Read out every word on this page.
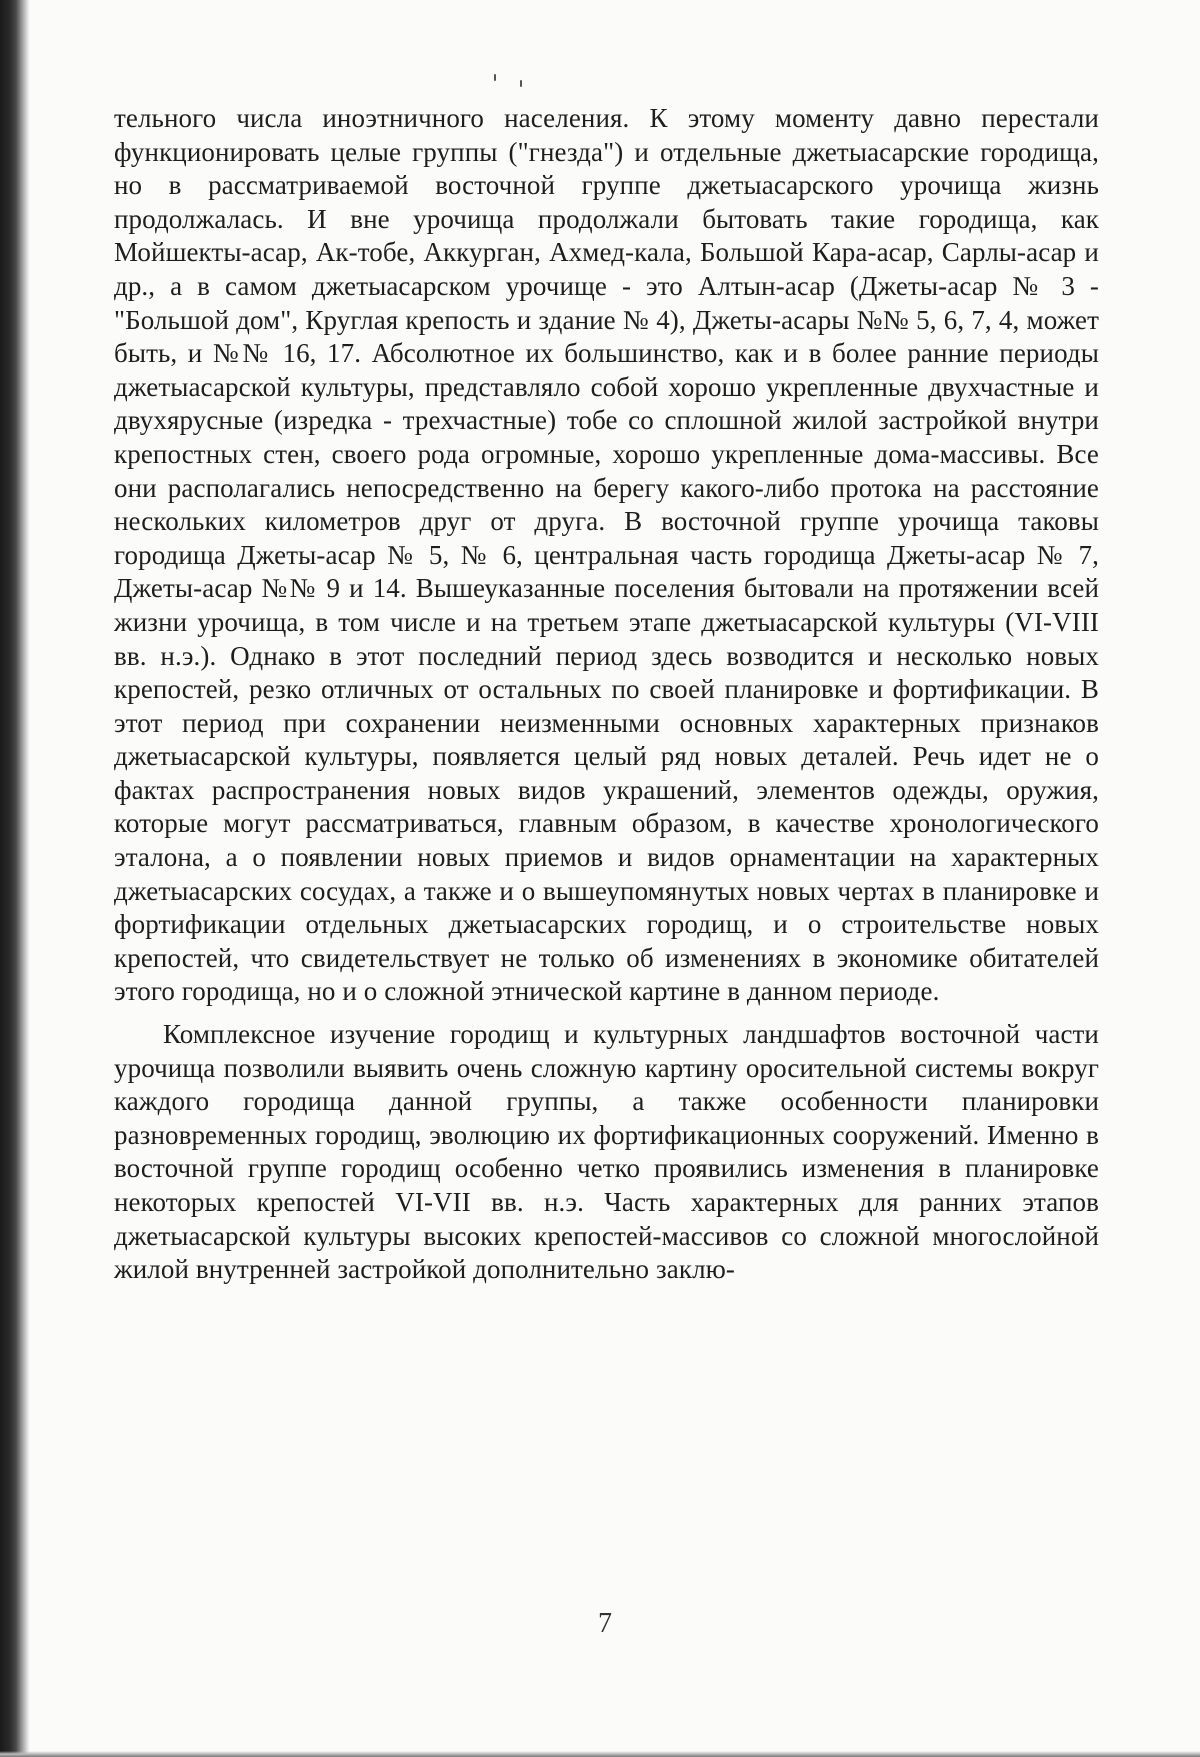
тельного числа иноэтничного населения. К этому моменту давно перестали функционировать целые группы ("гнезда") и отдельные джетыасарские городища, но в рассматриваемой восточной группе джетыасарского урочища жизнь продолжалась. И вне урочища продолжали бытовать такие городища, как Мойшекты-асар, Ак-тобе, Аккурган, Ахмед-кала, Большой Кара-асар, Сарлы-асар и др., а в самом джетыасарском урочище - это Алтын-асар (Джеты-асар № 3 - "Большой дом", Круглая крепость и здание № 4), Джеты-асары №№ 5, 6, 7, 4, может быть, и №№ 16, 17. Абсолютное их большинство, как и в более ранние периоды джетыасарской культуры, представляло собой хорошо укрепленные двухчастные и двухярусные (изредка - трехчастные) тобе со сплошной жилой застройкой внутри крепостных стен, своего рода огромные, хорошо укрепленные дома-массивы. Все они располагались непосредственно на берегу какого-либо протока на расстояние нескольких километров друг от друга. В восточной группе урочища таковы городища Джеты-асар № 5, № 6, центральная часть городища Джеты-асар № 7, Джеты-асар №№ 9 и 14. Вышеуказанные поселения бытовали на протяжении всей жизни урочища, в том числе и на третьем этапе джетыасарской культуры (VI-VIII вв. н.э.). Однако в этот последний период здесь возводится и несколько новых крепостей, резко отличных от остальных по своей планировке и фортификации. В этот период при сохранении неизменными основных характерных признаков джетыасарской культуры, появляется целый ряд новых деталей. Речь идет не о фактах распространения новых видов украшений, элементов одежды, оружия, которые могут рассматриваться, главным образом, в качестве хронологического эталона, а о появлении новых приемов и видов орнаментации на характерных джетыасарских сосудах, а также и о вышеупомянутых новых чертах в планировке и фортификации отдельных джетыасарских городищ, и о строительстве новых крепостей, что свидетельствует не только об изменениях в экономике обитателей этого городища, но и о сложной этнической картине в данном периоде.

Комплексное изучение городищ и культурных ландшафтов восточной части урочища позволили выявить очень сложную картину оросительной системы вокруг каждого городища данной группы, а также особенности планировки разновременных городищ, эволюцию их фортификационных сооружений. Именно в восточной группе городищ особенно четко проявились изменения в планировке некоторых крепостей VI-VII вв. н.э. Часть характерных для ранних этапов джетыасарской культуры высоких крепостей-массивов со сложной многослойной жилой внутренней застройкой дополнительно заклю-

7
